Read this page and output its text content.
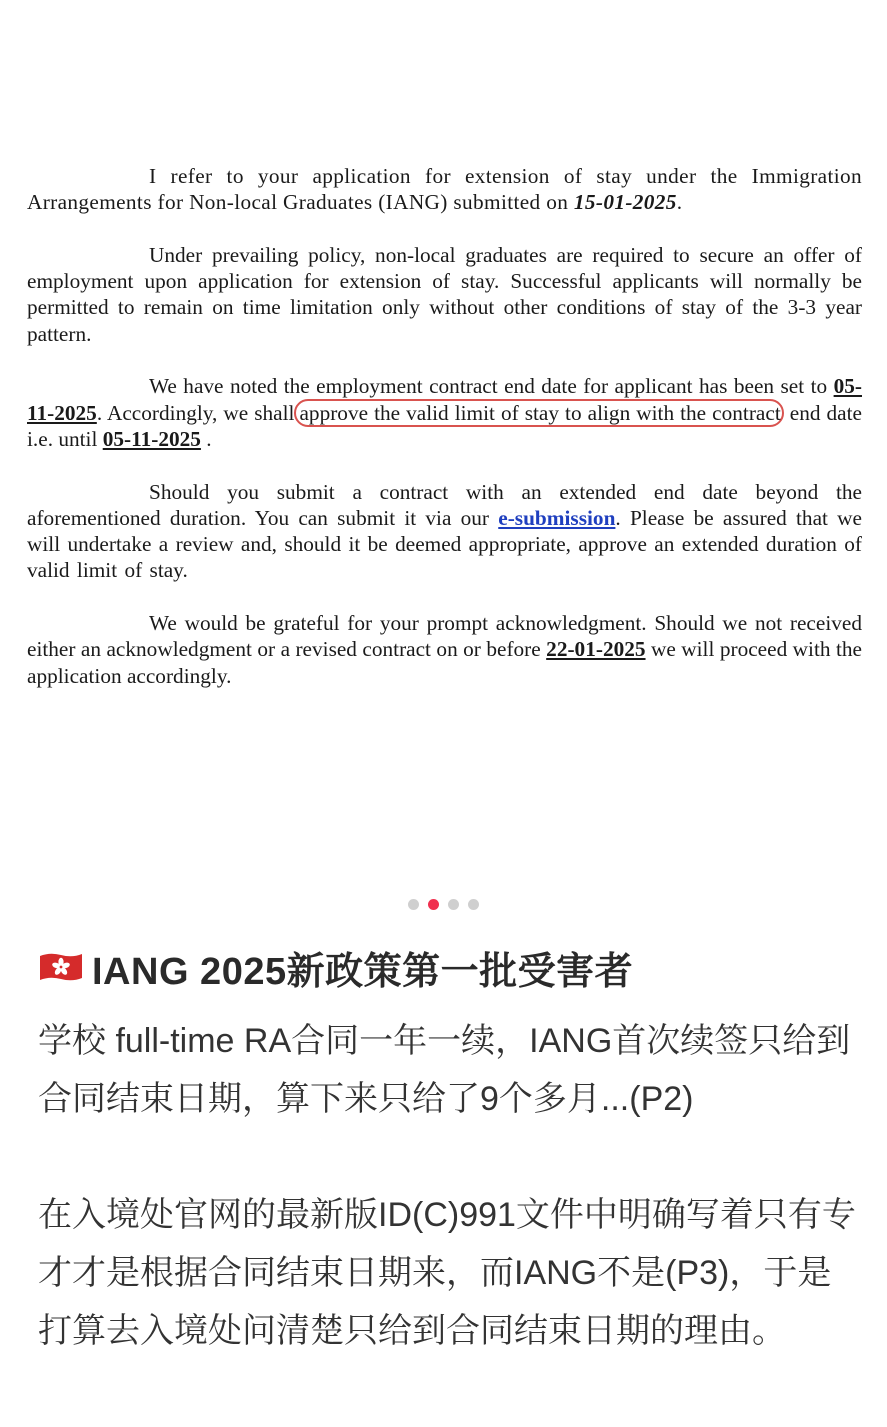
I refer to your application for extension of stay under the Immigration Arrangements for Non-local Graduates (IANG) submitted on 15-01-2025.

Under prevailing policy, non-local graduates are required to secure an offer of employment upon application for extension of stay. Successful applicants will normally be permitted to remain on time limitation only without other conditions of stay of the 3-3 year pattern.

We have noted the employment contract end date for applicant has been set to 05-11-2025. Accordingly, we shall approve the valid limit of stay to align with the contract end date i.e. until 05-11-2025 .

Should you submit a contract with an extended end date beyond the aforementioned duration. You can submit it via our e-submission. Please be assured that we will undertake a review and, should it be deemed appropriate, approve an extended duration of valid limit of stay.

We would be grateful for your prompt acknowledgment. Should we not received either an acknowledgment or a revised contract on or before 22-01-2025 we will proceed with the application accordingly.

IANG 2025新政策第一批受害者

学校 full-time RA合同一年一续，IANG首次续签只给到合同结束日期，算下来只给了9个多月...(P2)

在入境处官网的最新版ID(C)991文件中明确写着只有专才才是根据合同结束日期来，而IANG不是(P3)，于是打算去入境处问清楚只给到合同结束日期的理由。
